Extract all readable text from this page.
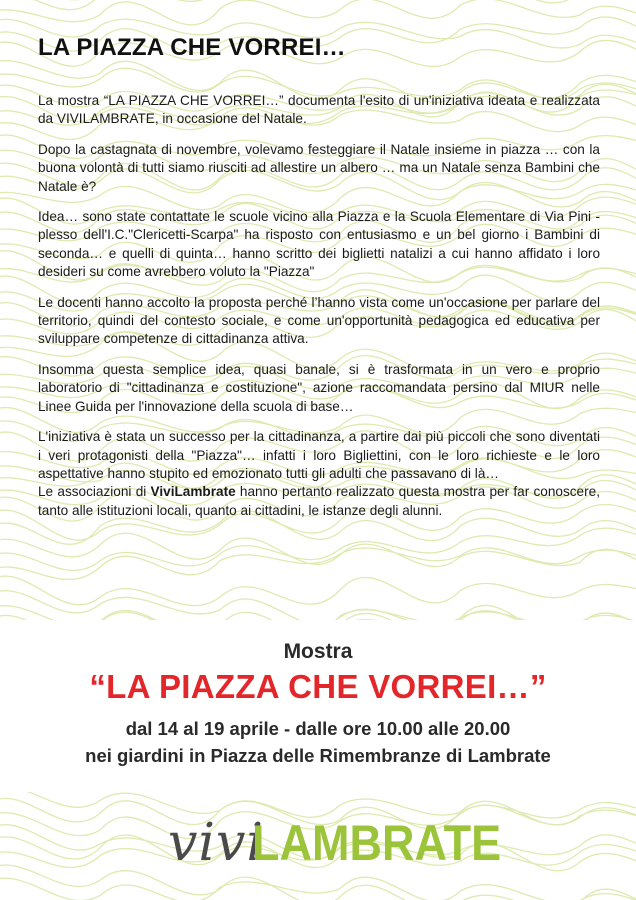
LA PIAZZA CHE VORREI…

La mostra “LA PIAZZA CHE VORREI…” documenta l'esito di un'iniziativa ideata e realizzata da VIVILAMBRATE, in occasione del Natale.

Dopo la castagnata di novembre, volevamo festeggiare il Natale insieme in piazza … con la buona volontà di tutti siamo riusciti ad allestire un albero … ma un Natale senza Bambini che Natale è?

Idea… sono state contattate le scuole vicino alla Piazza e la Scuola Elementare di Via Pini - plesso dell'I.C."Clericetti-Scarpa" ha risposto con entusiasmo e un bel giorno i Bambini di seconda… e quelli di quinta… hanno scritto dei biglietti natalizi a cui hanno affidato i loro desideri su come avrebbero voluto la "Piazza"

Le docenti hanno accolto la proposta perché l’hanno vista come un'occasione per parlare del territorio, quindi del contesto sociale, e come un'opportunità pedagogica ed educativa per sviluppare competenze di cittadinanza attiva.

Insomma questa semplice idea, quasi banale, si è trasformata in un vero e proprio laboratorio di "cittadinanza e costituzione", azione raccomandata persino dal MIUR nelle Linee Guida per l'innovazione della scuola di base…

L'iniziativa è stata un successo per la cittadinanza, a partire dai più piccoli che sono diventati i veri protagonisti della "Piazza"… infatti i loro Bigliettini, con le loro richieste e le loro aspettative hanno stupito ed emozionato tutti gli adulti che passavano di là…

Le associazioni di ViviLambrate hanno pertanto realizzato questa mostra per far conoscere, tanto alle istituzioni locali, quanto ai cittadini, le istanze degli alunni.

Mostra
“LA PIAZZA CHE VORREI…”
dal 14 al 19 aprile - dalle ore 10.00 alle 20.00
nei giardini in Piazza delle Rimembranze di Lambrate
vivi
LAMBRATE
